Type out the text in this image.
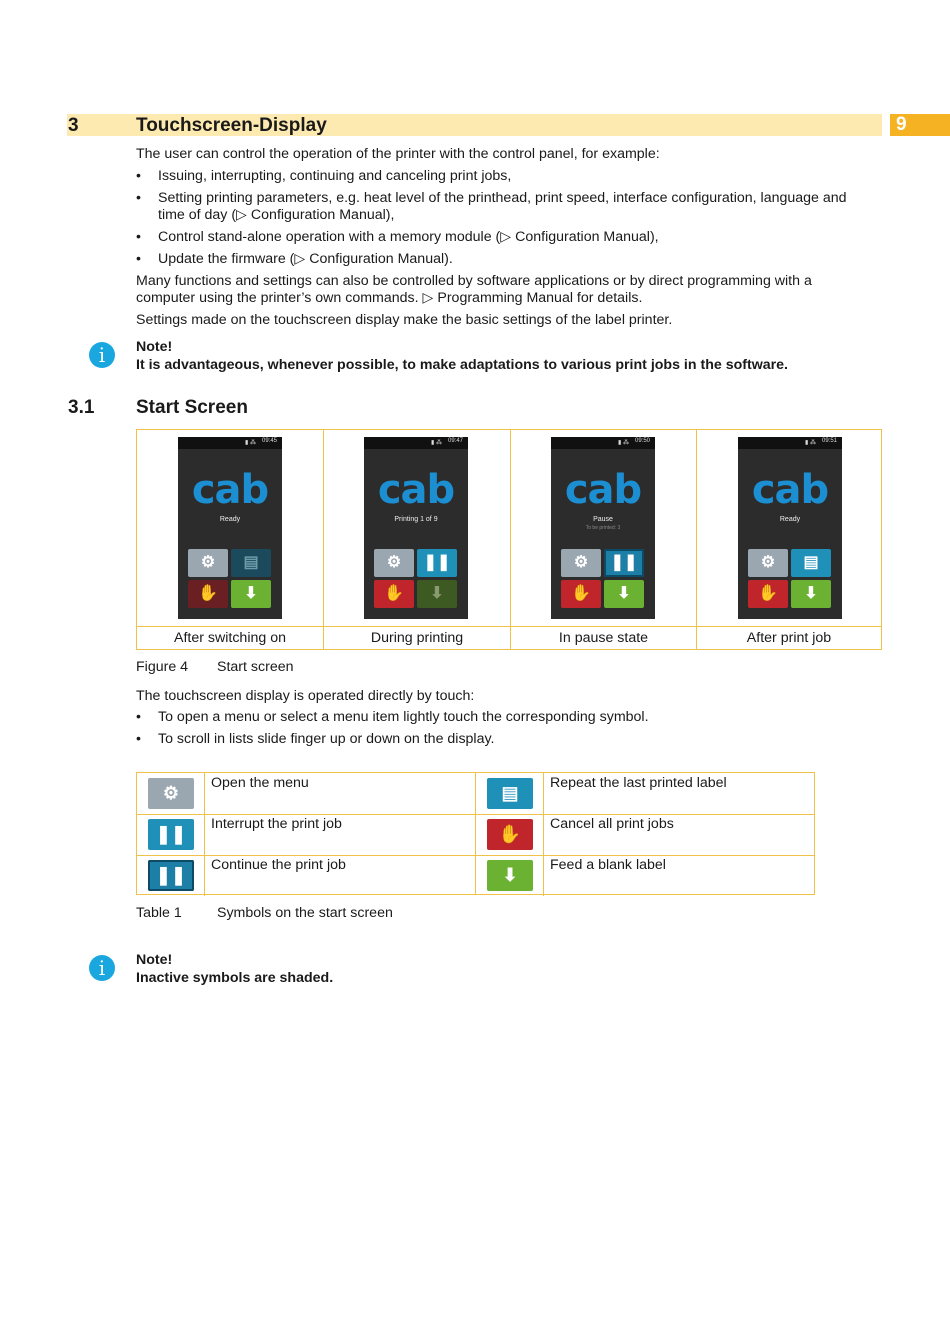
3	Touchscreen-Display	9
The user can control the operation of the printer with the control panel, for example:
• Issuing, interrupting, continuing and canceling print jobs,
• Setting printing parameters, e.g. heat level of the printhead, print speed, interface configuration, language and time of day (▷ Configuration Manual),
• Control stand-alone operation with a memory module (▷ Configuration Manual),
• Update the firmware (▷ Configuration Manual).
Many functions and settings can also be controlled by software applications or by direct programming with a computer using the printer’s own commands. ▷ Programming Manual for details.
Settings made on the touchscreen display make the basic settings of the label printer.
i	Note!
It is advantageous, whenever possible, to make adaptations to various print jobs in the software.
3.1 Start Screen
▮ ⁂ 09:45
cab
Ready
⚙	▤
✋	⬇
▮ ⁂ 09:47
cab
Printing 1 of 9
⚙	❚❚
✋	⬇
▮ ⁂ 09:50
cab
Pause
To be printed: 3
⚙	❚❚
✋	⬇
▮ ⁂ 09:51
cab
Ready
⚙	▤
✋	⬇
After switching on	During printing	In pause state	After print job
Figure 4 Start screen
The touchscreen display is operated directly by touch:
• To open a menu or select a menu item lightly touch the corresponding symbol.
• To scroll in lists slide finger up or down on the display.
⚙	Open the menu	▤	Repeat the last printed label
❚❚	Interrupt the print job	✋	Cancel all print jobs
❚❚	Continue the print job	⬇	Feed a blank label
Table 1 Symbols on the start screen
i	Note!
Inactive symbols are shaded.
